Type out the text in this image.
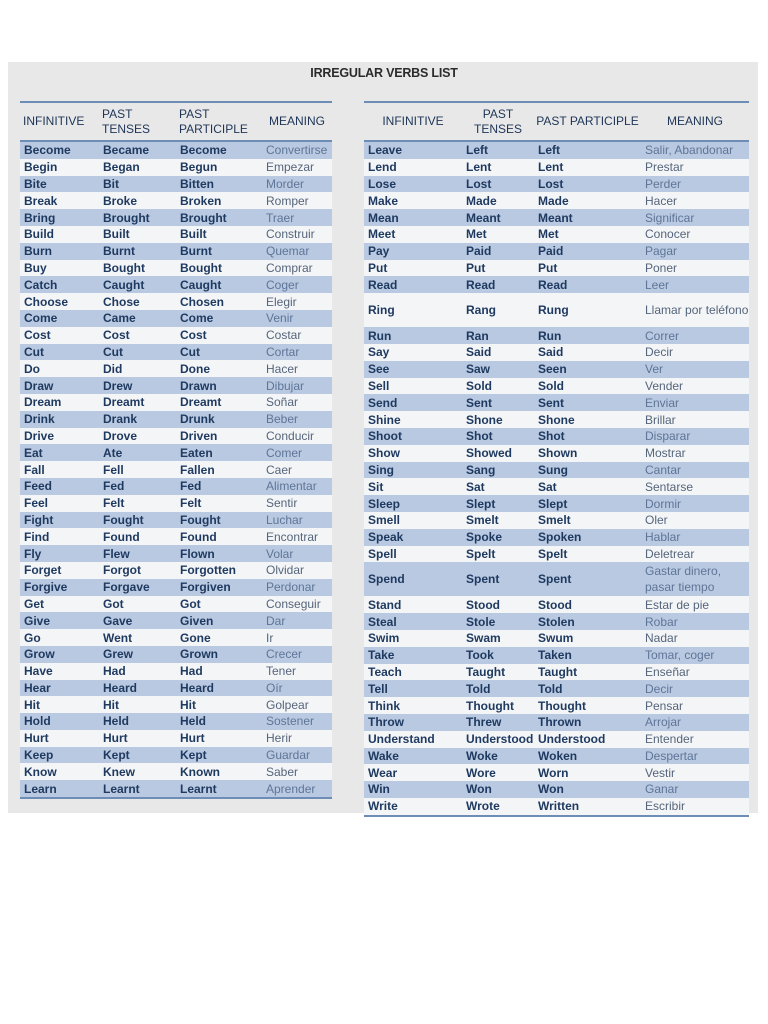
IRREGULAR VERBS LIST
INFINITIVE	PAST TENSES	PAST PARTICIPLE	MEANING
Become	Became	Become	Convertirse
Begin	Began	Begun	Empezar
Bite	Bit	Bitten	Morder
Break	Broke	Broken	Romper
Bring	Brought	Brought	Traer
Build	Built	Built	Construir
Burn	Burnt	Burnt	Quemar
Buy	Bought	Bought	Comprar
Catch	Caught	Caught	Coger
Choose	Chose	Chosen	Elegir
Come	Came	Come	Venir
Cost	Cost	Cost	Costar
Cut	Cut	Cut	Cortar
Do	Did	Done	Hacer
Draw	Drew	Drawn	Dibujar
Dream	Dreamt	Dreamt	Soñar
Drink	Drank	Drunk	Beber
Drive	Drove	Driven	Conducir
Eat	Ate	Eaten	Comer
Fall	Fell	Fallen	Caer
Feed	Fed	Fed	Alimentar
Feel	Felt	Felt	Sentir
Fight	Fought	Fought	Luchar
Find	Found	Found	Encontrar
Fly	Flew	Flown	Volar
Forget	Forgot	Forgotten	Olvidar
Forgive	Forgave	Forgiven	Perdonar
Get	Got	Got	Conseguir
Give	Gave	Given	Dar
Go	Went	Gone	Ir
Grow	Grew	Grown	Crecer
Have	Had	Had	Tener
Hear	Heard	Heard	Oír
Hit	Hit	Hit	Golpear
Hold	Held	Held	Sostener
Hurt	Hurt	Hurt	Herir
Keep	Kept	Kept	Guardar
Know	Knew	Known	Saber
Learn	Learnt	Learnt	Aprender
INFINITIVE	PAST TENSES	PAST PARTICIPLE	MEANING
Leave	Left	Left	Salir, Abandonar
Lend	Lent	Lent	Prestar
Lose	Lost	Lost	Perder
Make	Made	Made	Hacer
Mean	Meant	Meant	Significar
Meet	Met	Met	Conocer
Pay	Paid	Paid	Pagar
Put	Put	Put	Poner
Read	Read	Read	Leer
Ring	Rang	Rung	Llamar por teléfono
Run	Ran	Run	Correr
Say	Said	Said	Decir
See	Saw	Seen	Ver
Sell	Sold	Sold	Vender
Send	Sent	Sent	Enviar
Shine	Shone	Shone	Brillar
Shoot	Shot	Shot	Disparar
Show	Showed	Shown	Mostrar
Sing	Sang	Sung	Cantar
Sit	Sat	Sat	Sentarse
Sleep	Slept	Slept	Dormir
Smell	Smelt	Smelt	Oler
Speak	Spoke	Spoken	Hablar
Spell	Spelt	Spelt	Deletrear
Spend	Spent	Spent	Gastar dinero, pasar tiempo
Stand	Stood	Stood	Estar de pie
Steal	Stole	Stolen	Robar
Swim	Swam	Swum	Nadar
Take	Took	Taken	Tomar, coger
Teach	Taught	Taught	Enseñar
Tell	Told	Told	Decir
Think	Thought	Thought	Pensar
Throw	Threw	Thrown	Arrojar
Understand	Understood	Understood	Entender
Wake	Woke	Woken	Despertar
Wear	Wore	Worn	Vestir
Win	Won	Won	Ganar
Write	Wrote	Written	Escribir
